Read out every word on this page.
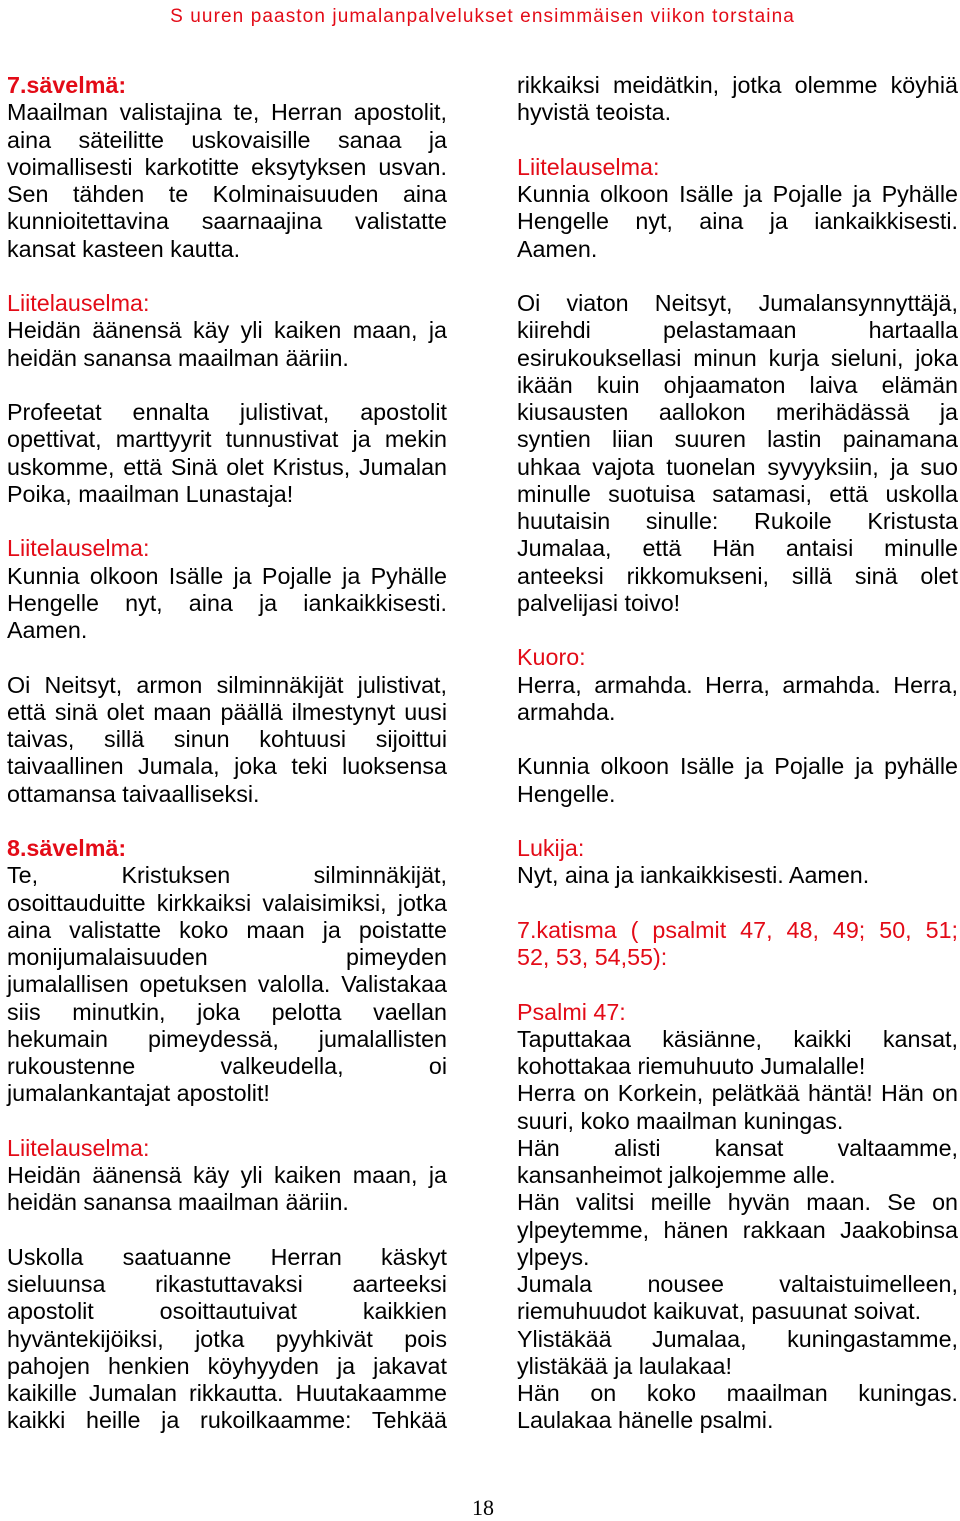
S uuren paaston jumalanpalvelukset ensimmäisen viikon torstaina
7.sävelmä:
Maailman valistajina te, Herran apostolit,
aina säteilitte uskovaisille sanaa ja
voimallisesti karkotitte eksytyksen usvan.
Sen tähden te Kolminaisuuden aina
kunnioitettavina saarnaajina valistatte
kansat kasteen kautta.
Liitelauselma:
Heidän äänensä käy yli kaiken maan, ja
heidän sanansa maailman ääriin.
Profeetat ennalta julistivat, apostolit
opettivat, marttyyrit tunnustivat ja mekin
uskomme, että Sinä olet Kristus, Jumalan
Poika, maailman Lunastaja!
Liitelauselma:
Kunnia olkoon Isälle ja Pojalle ja Pyhälle
Hengelle nyt, aina ja iankaikkisesti.
Aamen.
Oi Neitsyt, armon silminnäkijät julistivat,
että sinä olet maan päällä ilmestynyt uusi
taivas, sillä sinun kohtuusi sijoittui
taivaallinen Jumala, joka teki luoksensa
ottamansa taivaalliseksi.
8.sävelmä:
Te, Kristuksen silminnäkijät,
osoittauduitte kirkkaiksi valaisimiksi, jotka
aina valistatte koko maan ja poistatte
monijumalaisuuden pimeyden
jumalallisen opetuksen valolla. Valistakaa
siis minutkin, joka pelotta vaellan
hekumain pimeydessä, jumalallisten
rukoustenne valkeudella, oi
jumalankantajat apostolit!
Liitelauselma:
Heidän äänensä käy yli kaiken maan, ja
heidän sanansa maailman ääriin.
Uskolla saatuanne Herran käskyt
sieluunsa rikastuttavaksi aarteeksi
apostolit osoittautuivat kaikkien
hyväntekijöiksi, jotka pyyhkivät pois
pahojen henkien köyhyyden ja jakavat
kaikille Jumalan rikkautta. Huutakaamme
kaikki heille ja rukoilkaamme: Tehkää
rikkaiksi meidätkin, jotka olemme köyhiä
hyvistä teoista.
Liitelauselma:
Kunnia olkoon Isälle ja Pojalle ja Pyhälle
Hengelle nyt, aina ja iankaikkisesti.
Aamen.
Oi viaton Neitsyt, Jumalansynnyttäjä,
kiirehdi pelastamaan hartaalla
esirukouksellasi minun kurja sieluni, joka
ikään kuin ohjaamaton laiva elämän
kiusausten aallokon merihädässä ja
syntien liian suuren lastin painamana
uhkaa vajota tuonelan syvyyksiin, ja suo
minulle suotuisa satamasi, että uskolla
huutaisin sinulle: Rukoile Kristusta
Jumalaa, että Hän antaisi minulle
anteeksi rikkomukseni, sillä sinä olet
palvelijasi toivo!
Kuoro:
Herra, armahda. Herra, armahda. Herra,
armahda.
Kunnia olkoon Isälle ja Pojalle ja pyhälle
Hengelle.
Lukija:
Nyt, aina ja iankaikkisesti. Aamen.
7.katisma ( psalmit 47, 48, 49; 50, 51;
52, 53, 54,55):
Psalmi 47:
Taputtakaa käsiänne, kaikki kansat,
kohottakaa riemuhuuto Jumalalle!
Herra on Korkein, pelätkää häntä! Hän on
suuri, koko maailman kuningas.
Hän alisti kansat valtaamme,
kansanheimot jalkojemme alle.
Hän valitsi meille hyvän maan. Se on
ylpeytemme, hänen rakkaan Jaakobinsa
ylpeys.
Jumala nousee valtaistuimelleen,
riemuhuudot kaikuvat, pasuunat soivat.
Ylistäkää Jumalaa, kuningastamme,
ylistäkää ja laulakaa!
Hän on koko maailman kuningas.
Laulakaa hänelle psalmi.
18
